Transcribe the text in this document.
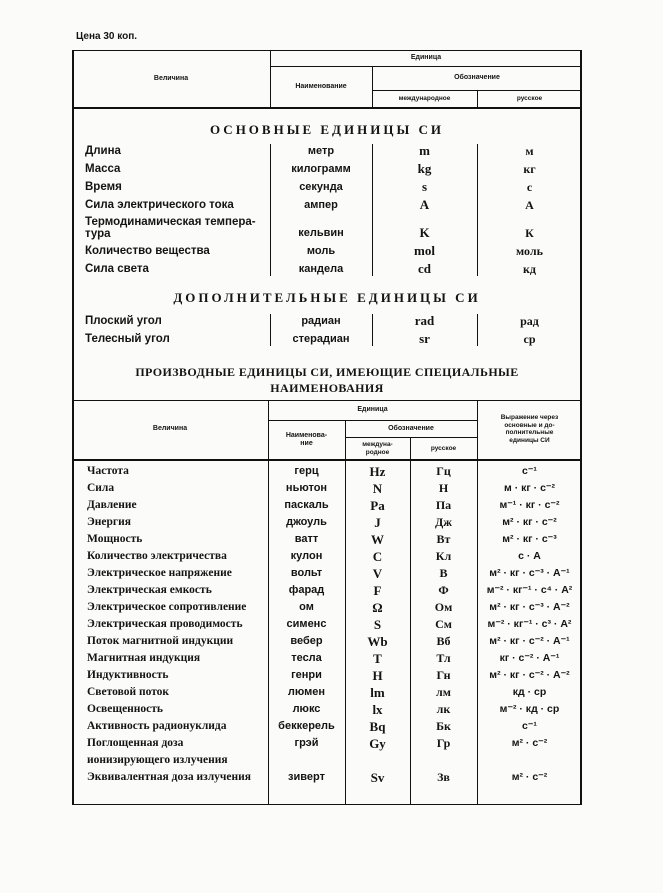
Цена 30 коп.
Величина
Единица
Наименование
Обозначение
международное	русское
ОСНОВНЫЕ ЕДИНИЦЫ СИ
Длина	метр	m	м
Масса	килограмм	kg	кг
Время	секунда	s	с
Сила электрического тока	ампер	A	А
Термодинамическая темпера-
тура	кельвин	K	К
Количество вещества	моль	mol	моль
Сила света	кандела	cd	кд
ДОПОЛНИТЕЛЬНЫЕ ЕДИНИЦЫ СИ
Плоский угол	радиан	rad	рад
Телесный угол	стерадиан	sr	ср
ПРОИЗВОДНЫЕ ЕДИНИЦЫ СИ, ИМЕЮЩИЕ СПЕЦИАЛЬНЫЕ
НАИМЕНОВАНИЯ
Величина
Единица
Наименова-
ние
Обозначение
междуна-
родное
русское
Выражение через
основные и до-
полнительные
единицы СИ
Частота	герц	Hz	Гц	с⁻¹
Сила	ньютон	N	Н	м · кг · с⁻²
Давление	паскаль	Pa	Па	м⁻¹ · кг · с⁻²
Энергия	джоуль	J	Дж	м² · кг · с⁻²
Мощность	ватт	W	Вт	м² · кг · с⁻³
Количество электричества	кулон	C	Кл	с · А
Электрическое напряжение	вольт	V	В	м² · кг · с⁻³ · А⁻¹
Электрическая емкость	фарад	F	Ф	м⁻² · кг⁻¹ · с⁴ · А²
Электрическое сопротивление	ом	Ω	Ом	м² · кг · с⁻³ · А⁻²
Электрическая проводимость	сименс	S	См	м⁻² · кг⁻¹ · с³ · А²
Поток магнитной индукции	вебер	Wb	Вб	м² · кг · с⁻² · А⁻¹
Магнитная индукция	тесла	T	Тл	кг · с⁻² · А⁻¹
Индуктивность	генри	H	Гн	м² · кг · с⁻² · А⁻²
Световой поток	люмен	lm	лм	кд · ср
Освещенность	люкс	lx	лк	м⁻² · кд · ср
Активность радионуклида	беккерель	Bq	Бк	с⁻¹
Поглощенная доза
ионизирующего излучения
грэй	Gy	Гр	м² · с⁻²
Эквивалентная доза излучения	зиверт	Sv	Зв	м² · с⁻²
